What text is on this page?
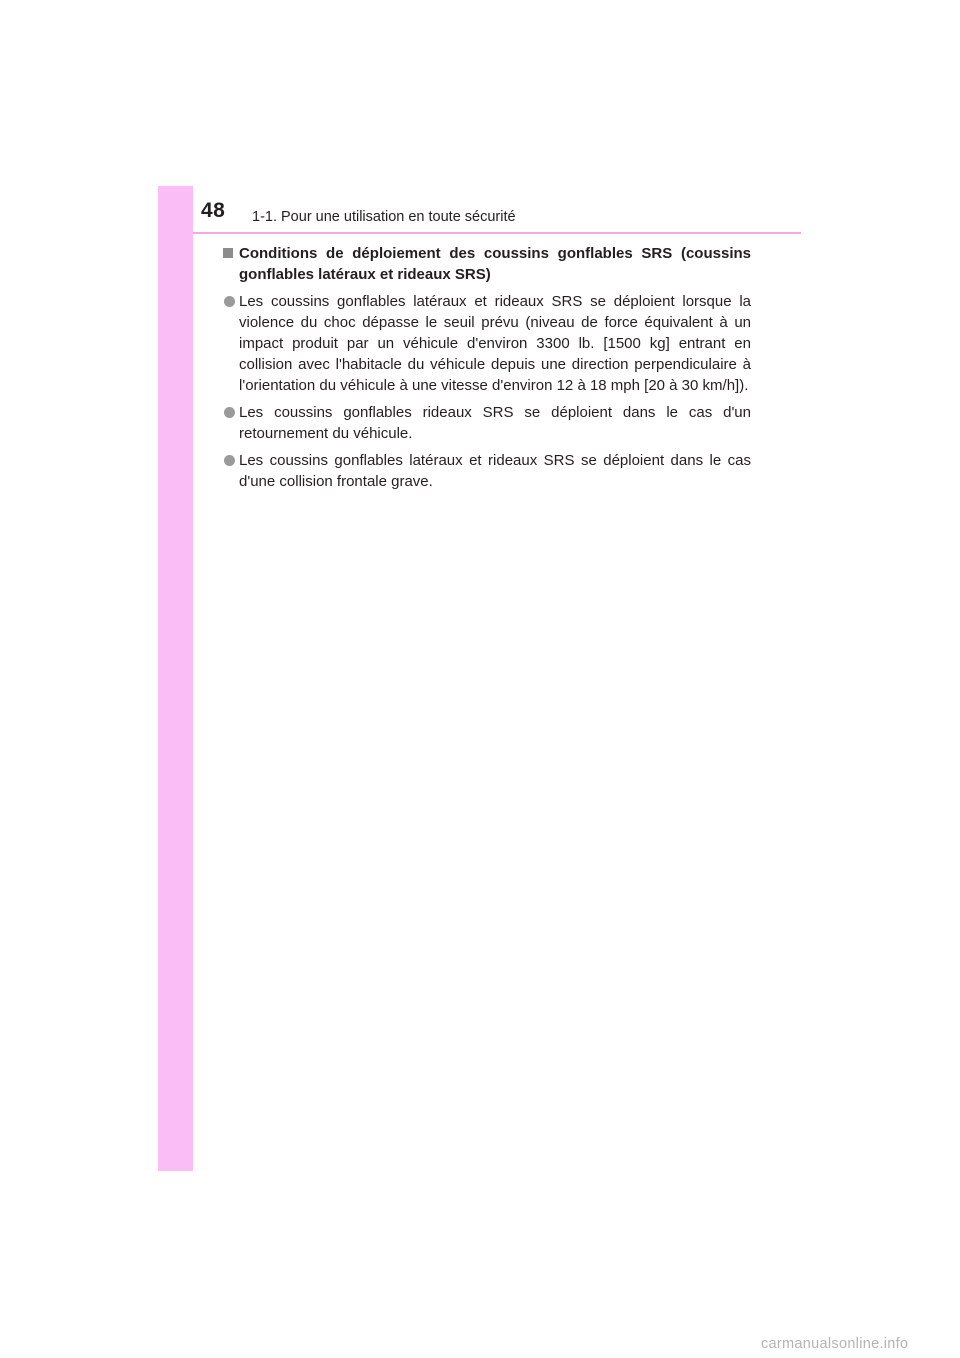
48 1-1. Pour une utilisation en toute sécurité
Conditions de déploiement des coussins gonflables SRS (coussins gonflables latéraux et rideaux SRS)
Les coussins gonflables latéraux et rideaux SRS se déploient lorsque la violence du choc dépasse le seuil prévu (niveau de force équivalent à un impact produit par un véhicule d'environ 3300 lb. [1500 kg] entrant en collision avec l'habitacle du véhicule depuis une direction perpendiculaire à l'orientation du véhicule à une vitesse d'environ 12 à 18 mph [20 à 30 km/h]).
Les coussins gonflables rideaux SRS se déploient dans le cas d'un retournement du véhicule.
Les coussins gonflables latéraux et rideaux SRS se déploient dans le cas d'une collision frontale grave.
carmanualsonline.info
